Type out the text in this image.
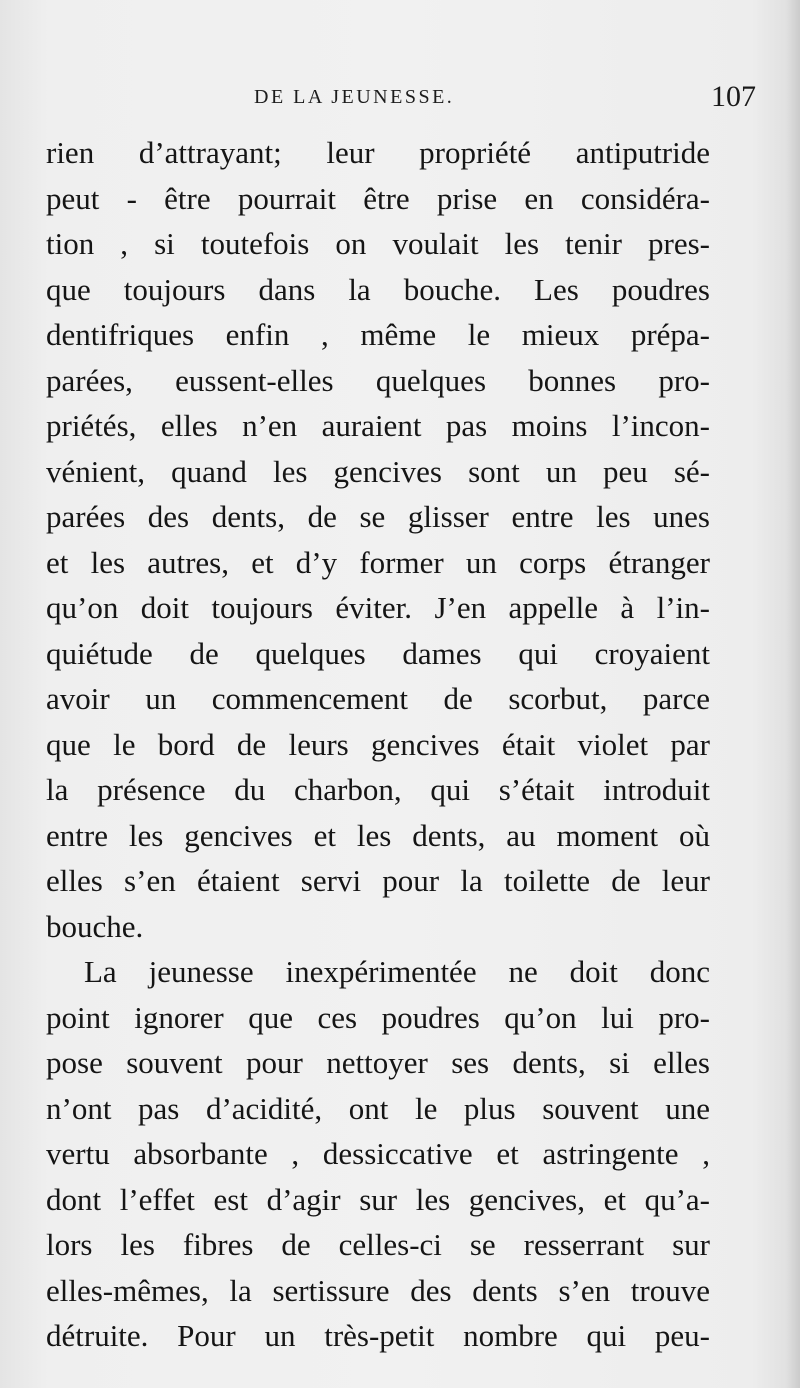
DE LA JEUNESSE.	107
rien d’attrayant; leur propriété antiputride
peut - être pourrait être prise en considéra-
tion , si toutefois on voulait les tenir pres-
que toujours dans la bouche. Les poudres
dentifriques enfin , même le mieux prépa-
parées, eussent-elles quelques bonnes pro-
priétés, elles n’en auraient pas moins l’incon-
vénient, quand les gencives sont un peu sé-
parées des dents, de se glisser entre les unes
et les autres, et d’y former un corps étranger
qu’on doit toujours éviter. J’en appelle à l’in-
quiétude de quelques dames qui croyaient
avoir un commencement de scorbut, parce
que le bord de leurs gencives était violet par
la présence du charbon, qui s’était introduit
entre les gencives et les dents, au moment où
elles s’en étaient servi pour la toilette de leur
bouche.
La jeunesse inexpérimentée ne doit donc
point ignorer que ces poudres qu’on lui pro-
pose souvent pour nettoyer ses dents, si elles
n’ont pas d’acidité, ont le plus souvent une
vertu absorbante , dessiccative et astringente ,
dont l’effet est d’agir sur les gencives, et qu’a-
lors les fibres de celles-ci se resserrant sur
elles-mêmes, la sertissure des dents s’en trouve
détruite. Pour un très-petit nombre qui peu-
